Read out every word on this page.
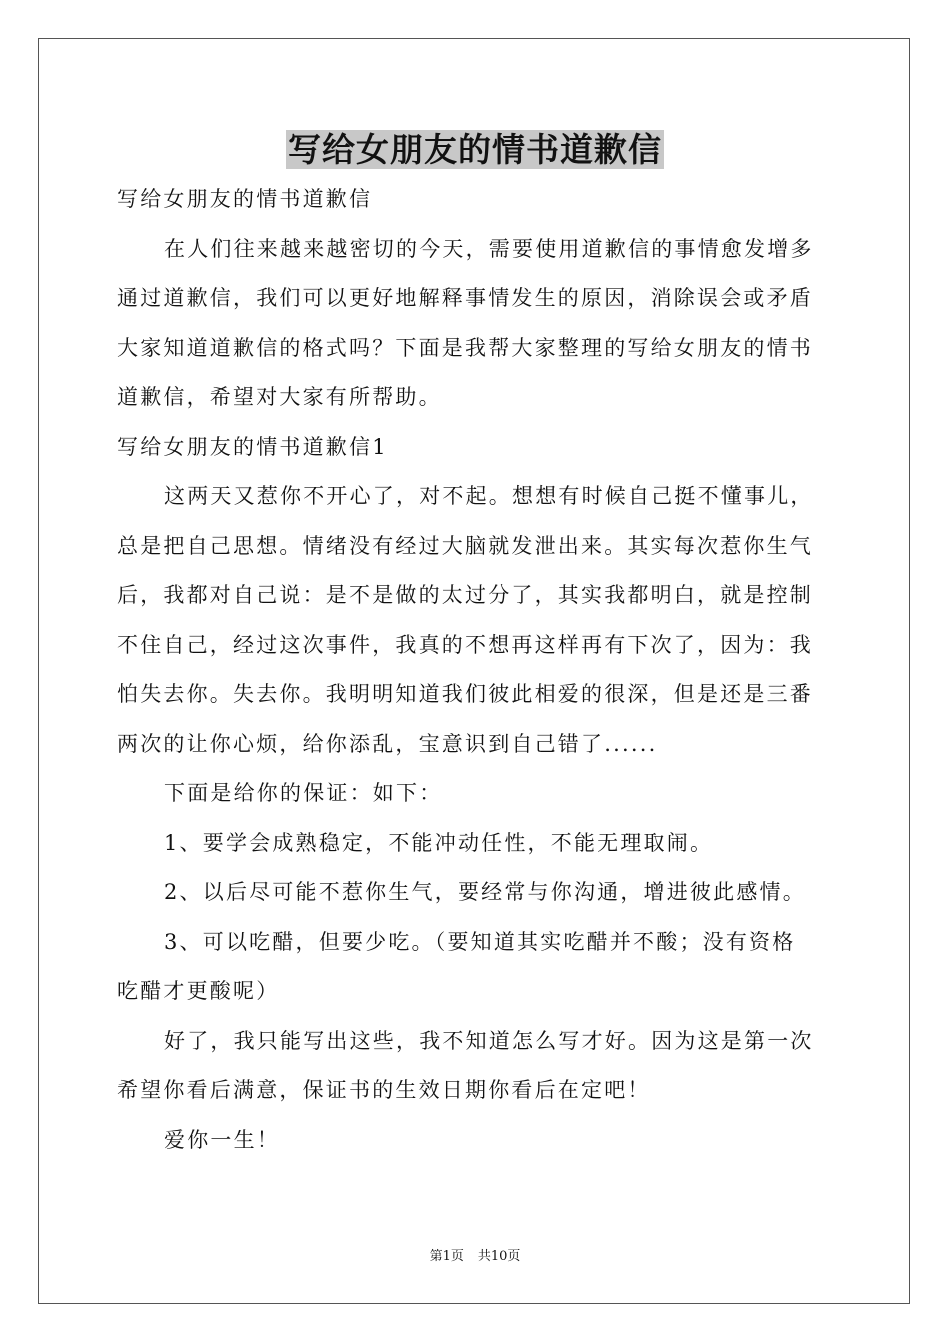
写给女朋友的情书道歉信
写给女朋友的情书道歉信
在人们往来越来越密切的今天，需要使用道歉信的事情愈发增多
通过道歉信，我们可以更好地解释事情发生的原因，消除误会或矛盾
大家知道道歉信的格式吗？下面是我帮大家整理的写给女朋友的情书
道歉信，希望对大家有所帮助。
写给女朋友的情书道歉信1
这两天又惹你不开心了，对不起。想想有时候自己挺不懂事儿，
总是把自己思想。情绪没有经过大脑就发泄出来。其实每次惹你生气
后，我都对自己说：是不是做的太过分了，其实我都明白，就是控制
不住自己，经过这次事件，我真的不想再这样再有下次了，因为：我
怕失去你。失去你。我明明知道我们彼此相爱的很深，但是还是三番
两次的让你心烦，给你添乱，宝意识到自己错了......
下面是给你的保证：如下：
1、要学会成熟稳定，不能冲动任性，不能无理取闹。
2、以后尽可能不惹你生气，要经常与你沟通，增进彼此感情。
3、可以吃醋，但要少吃。（要知道其实吃醋并不酸；没有资格
吃醋才更酸呢）
好了，我只能写出这些，我不知道怎么写才好。因为这是第一次
希望你看后满意，保证书的生效日期你看后在定吧！
爱你一生！
第1页 共10页
